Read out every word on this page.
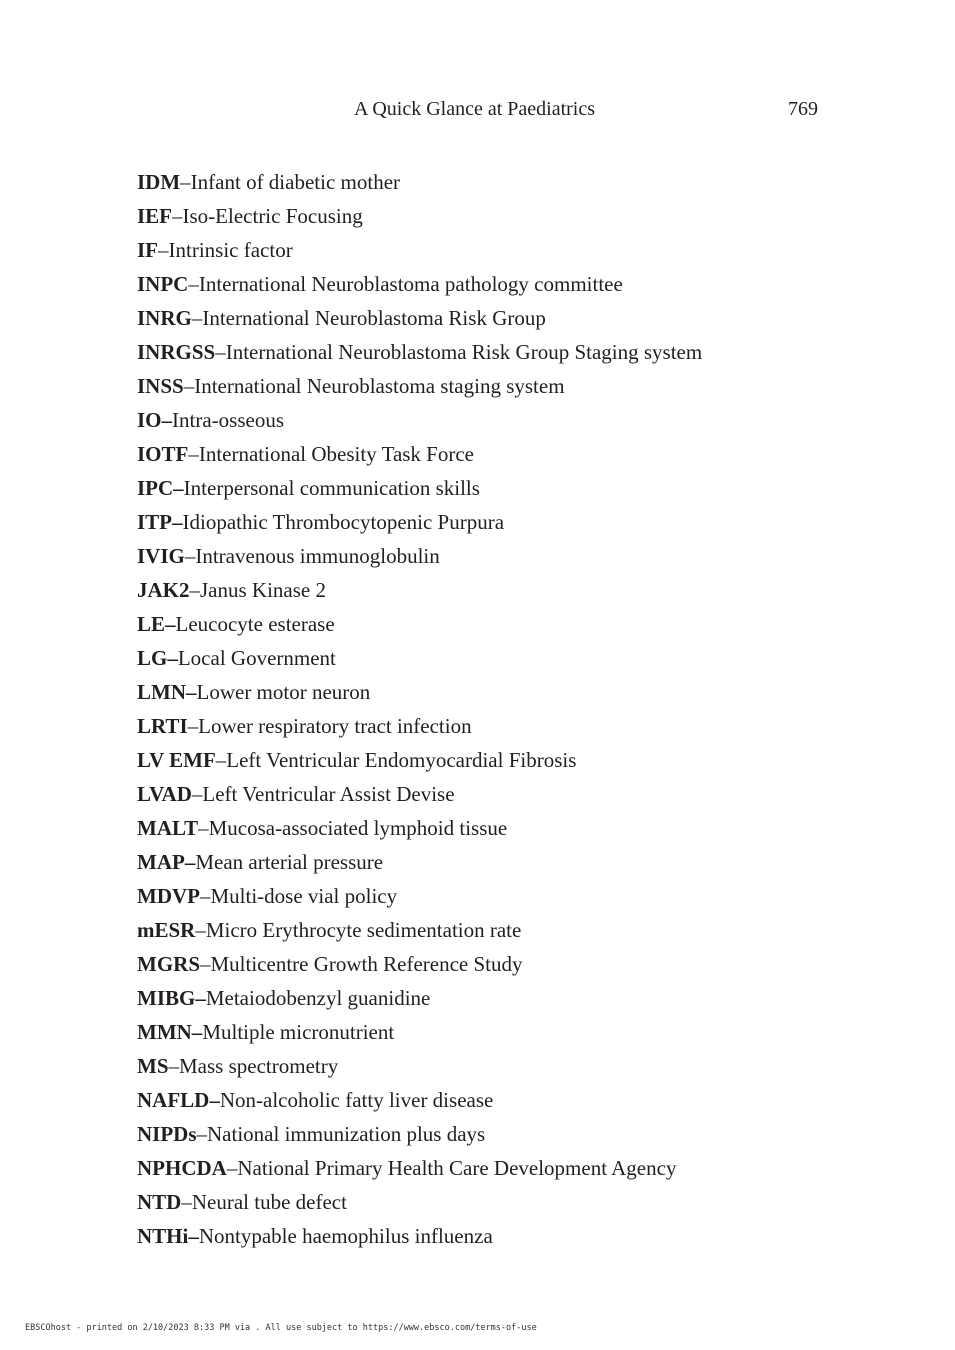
A Quick Glance at Paediatrics	769
IDM–Infant of diabetic mother
IEF–Iso-Electric Focusing
IF–Intrinsic factor
INPC–International Neuroblastoma pathology committee
INRG–International Neuroblastoma Risk Group
INRGSS–International Neuroblastoma Risk Group Staging system
INSS–International Neuroblastoma staging system
IO–Intra-osseous
IOTF–International Obesity Task Force
IPC–Interpersonal communication skills
ITP–Idiopathic Thrombocytopenic Purpura
IVIG–Intravenous immunoglobulin
JAK2–Janus Kinase 2
LE–Leucocyte esterase
LG–Local Government
LMN–Lower motor neuron
LRTI–Lower respiratory tract infection
LV EMF–Left Ventricular Endomyocardial Fibrosis
LVAD–Left Ventricular Assist Devise
MALT–Mucosa-associated lymphoid tissue
MAP–Mean arterial pressure
MDVP–Multi-dose vial policy
mESR–Micro Erythrocyte sedimentation rate
MGRS–Multicentre Growth Reference Study
MIBG–Metaiodobenzyl guanidine
MMN–Multiple micronutrient
MS–Mass spectrometry
NAFLD–Non-alcoholic fatty liver disease
NIPDs–National immunization plus days
NPHCDA–National Primary Health Care Development Agency
NTD–Neural tube defect
NTHi–Nontypable haemophilus influenza
EBSCOhost - printed on 2/10/2023 8:33 PM via . All use subject to https://www.ebsco.com/terms-of-use
